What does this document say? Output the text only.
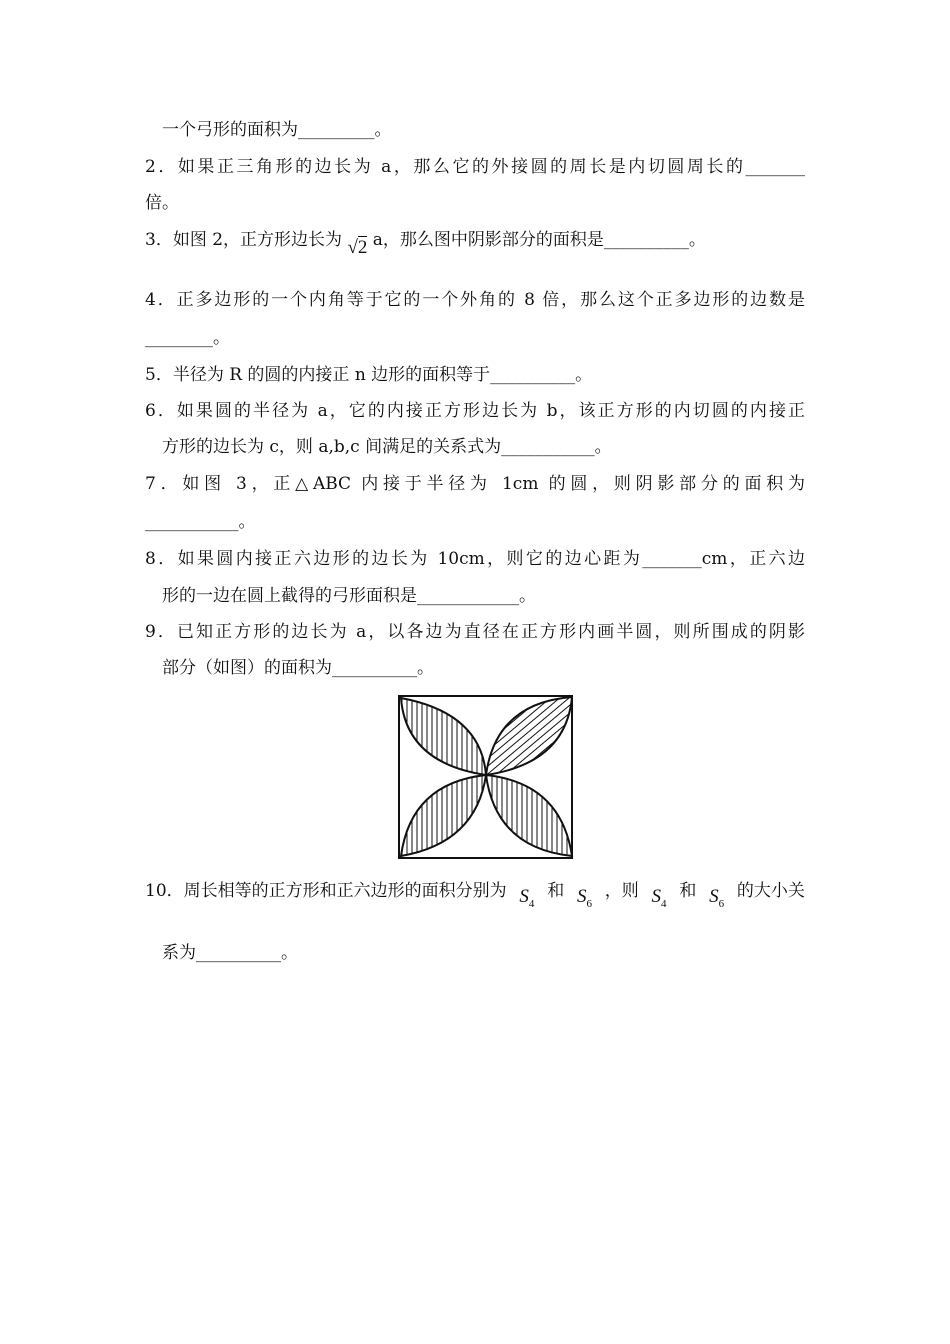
一个弓形的面积为_________。
2．如果正三角形的边长为 a，那么它的外接圆的周长是内切圆周长的_______
倍。
3．如图 2，正方形边长为 √2 a，那么图中阴影部分的面积是__________。
4．正多边形的一个内角等于它的一个外角的 8 倍，那么这个正多边形的边数是
________。
5．半径为 R 的圆的内接正 n 边形的面积等于__________。
6．如果圆的半径为 a，它的内接正方形边长为 b，该正方形的内切圆的内接正
方形的边长为 c，则 a,b,c 间满足的关系式为___________。
7．如图 3，正△ABC 内接于半径为 1cm 的圆，则阴影部分的面积为
___________。
8．如果圆内接正六边形的边长为 10cm，则它的边心距为_______cm，正六边
形的一边在圆上截得的弓形面积是____________。
9．已知正方形的边长为 a，以各边为直径在正方形内画半圆，则所围成的阴影
部分（如图）的面积为__________。
10．周长相等的正方形和正六边形的面积分别为 $S_4$
和 $S_6$
，则 $S_4$
和 $S_6$
的大小关
系为__________。
